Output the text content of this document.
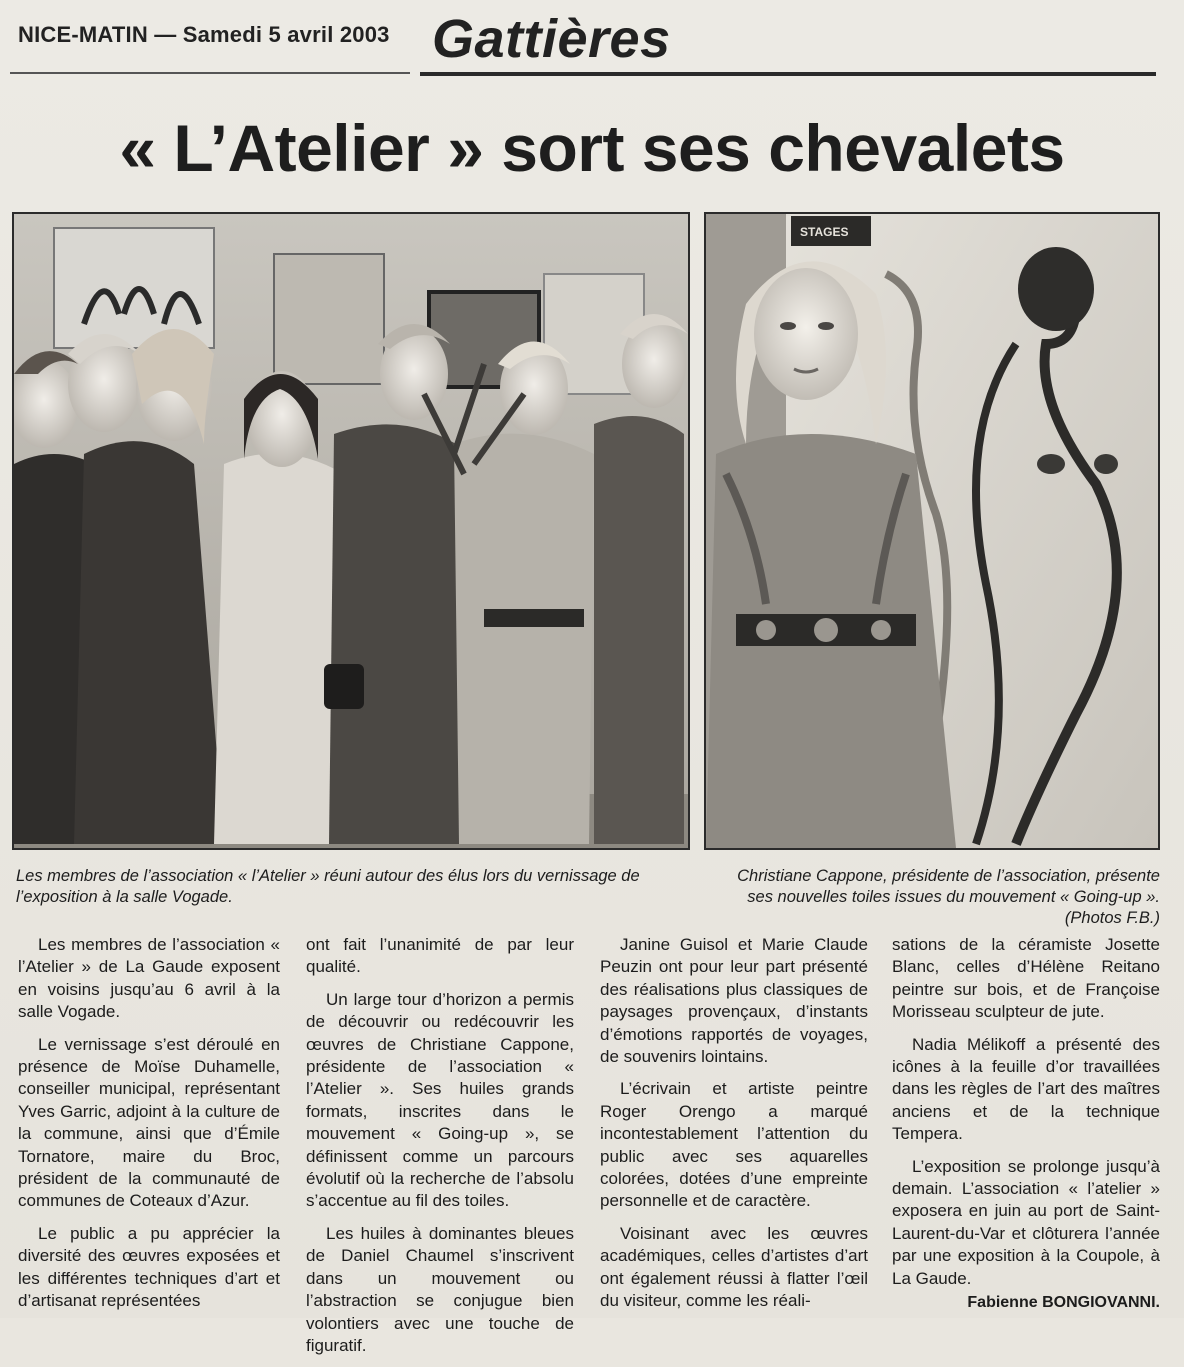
NICE-MATIN — Samedi 5 avril 2003 Gattières
« L’Atelier » sort ses chevalets
STAGES
Les membres de l’association « l’Atelier » réuni autour des élus lors du vernissage de l’exposition à la salle Vogade.
Christiane Cappone, présidente de l’association, présente ses nouvelles toiles issues du mouvement « Going-up ». (Photos F.B.)

Les membres de l’association « l’Atelier » de La Gaude exposent en voisins jusqu’au 6 avril à la salle Vogade.

Le vernissage s’est déroulé en présence de Moïse Duhamelle, conseiller municipal, représentant Yves Garric, adjoint à la culture de la commune, ainsi que d’Émile Tornatore, maire du Broc, président de la communauté de communes de Coteaux d’Azur.

Le public a pu apprécier la diversité des œuvres exposées et les différentes techniques d’art et d’artisanat représentées

ont fait l’unanimité de par leur qualité.

Un large tour d’horizon a permis de découvrir ou redécouvrir les œuvres de Christiane Cappone, présidente de l’association « l’Atelier ». Ses huiles grands formats, inscrites dans le mouvement « Going-up », se définissent comme un parcours évolutif où la recherche de l’absolu s’accentue au fil des toiles.

Les huiles à dominantes bleues de Daniel Chaumel s’inscrivent dans un mouvement ou l’abstraction se conjugue bien volontiers avec une touche de figuratif.

Janine Guisol et Marie Claude Peuzin ont pour leur part présenté des réalisations plus classiques de paysages provençaux, d’instants d’émotions rapportés de voyages, de souvenirs lointains.

L’écrivain et artiste peintre Roger Orengo a marqué incontestablement l’attention du public avec ses aquarelles colorées, dotées d’une empreinte personnelle et de caractère.

Voisinant avec les œuvres académiques, celles d’artistes d’art ont également réussi à flatter l’œil du visiteur, comme les réali-

sations de la céramiste Josette Blanc, celles d’Hélène Reitano peintre sur bois, et de Françoise Morisseau sculpteur de jute.

Nadia Mélikoff a présenté des icônes à la feuille d’or travaillées dans les règles de l’art des maîtres anciens et de la technique Tempera.

L’exposition se prolonge jusqu’à demain. L’association « l’atelier » exposera en juin au port de Saint-Laurent-du-Var et clôturera l’année par une exposition à la Coupole, à La Gaude.

Fabienne BONGIOVANNI.
